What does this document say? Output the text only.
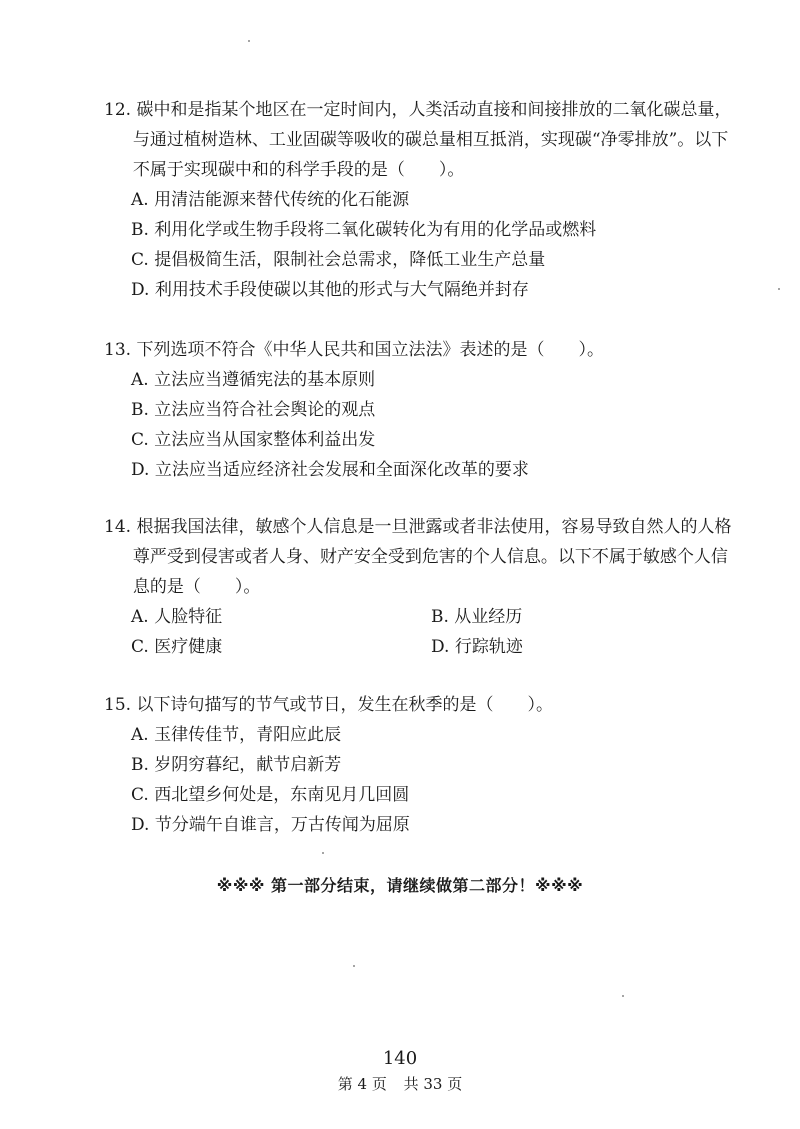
12. 碳中和是指某个地区在一定时间内，人类活动直接和间接排放的二氧化碳总量，与通过植树造林、工业固碳等吸收的碳总量相互抵消，实现碳“净零排放”。以下不属于实现碳中和的科学手段的是（　　）。
A. 用清洁能源来替代传统的化石能源
B. 利用化学或生物手段将二氧化碳转化为有用的化学品或燃料
C. 提倡极简生活，限制社会总需求，降低工业生产总量
D. 利用技术手段使碳以其他的形式与大气隔绝并封存
13. 下列选项不符合《中华人民共和国立法法》表述的是（　　）。
A. 立法应当遵循宪法的基本原则
B. 立法应当符合社会舆论的观点
C. 立法应当从国家整体利益出发
D. 立法应当适应经济社会发展和全面深化改革的要求
14. 根据我国法律，敏感个人信息是一旦泄露或者非法使用，容易导致自然人的人格尊严受到侵害或者人身、财产安全受到危害的个人信息。以下不属于敏感个人信息的是（　　）。
A. 人脸特征	B. 从业经历
C. 医疗健康	D. 行踪轨迹
15. 以下诗句描写的节气或节日，发生在秋季的是（　　）。
A. 玉律传佳节，青阳应此辰
B. 岁阴穷暮纪，献节启新芳
C. 西北望乡何处是，东南见月几回圆
D. 节分端午自谁言，万古传闻为屈原
※※※ 第一部分结束，请继续做第二部分！※※※
140
第 4 页 共 33 页
